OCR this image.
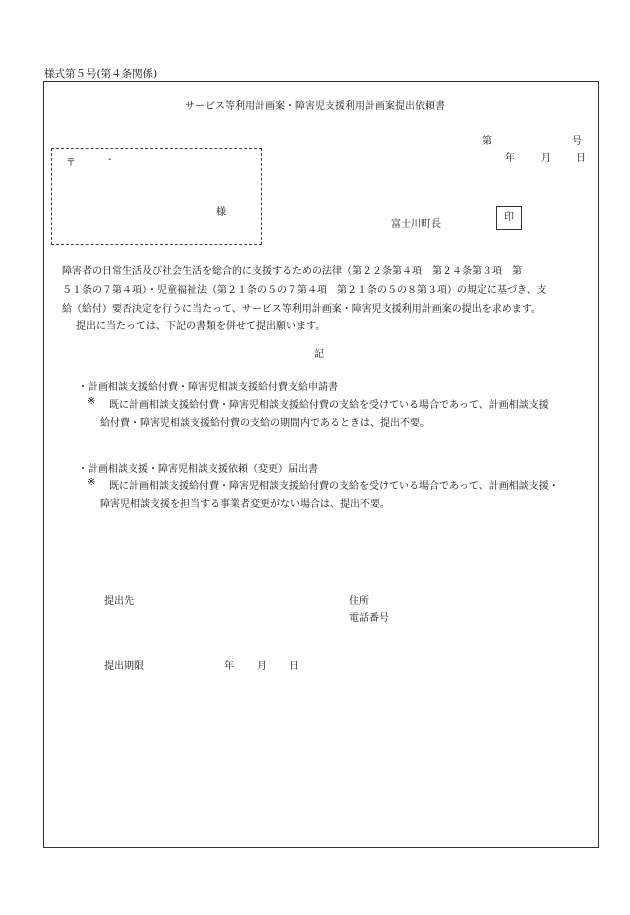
様式第５号(第４条関係)
サービス等利用計画案・障害児支援利用計画案提出依頼書
第	号
年	月	日
〒	-
様
富士川町長
印
障害者の日常生活及び社会生活を総合的に支援するための法律（第２２条第４項　第２４条第３項　第
５１条の７第４項）・児童福祉法（第２１条の５の７第４項　第２１条の５の８第３項）の規定に基づき、支
給（給付）要否決定を行うに当たって、サービス等利用計画案・障害児支援利用計画案の提出を求めます。
提出に当たっては、下記の書類を併せて提出願います。
記
・計画相談支援給付費・障害児相談支援給付費支給申請書
※ 既に計画相談支援給付費・障害児相談支援給付費の支給を受けている場合であって、計画相談支援
給付費・障害児相談支援給付費の支給の期間内であるときは、提出不要。
・計画相談支援・障害児相談支援依頼（変更）届出書
※ 既に計画相談支援給付費・障害児相談支援給付費の支給を受けている場合であって、計画相談支援・
障害児相談支援を担当する事業者変更がない場合は、提出不要。
提出先	住所
電話番号
提出期限	年 月 日
